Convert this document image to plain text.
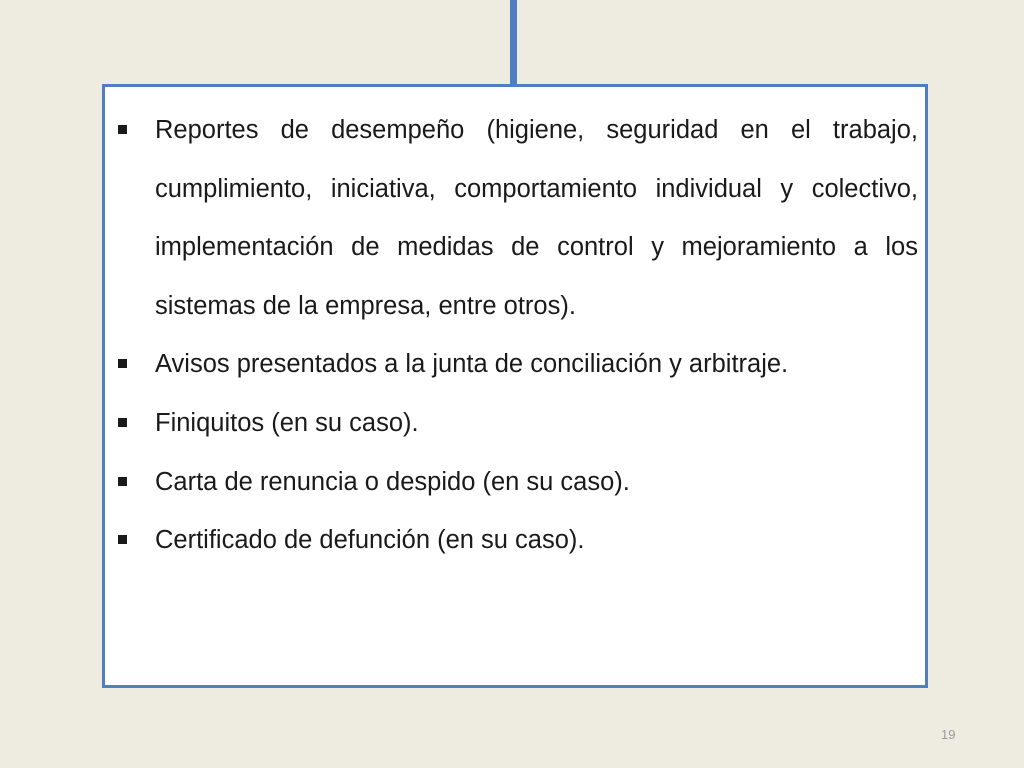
Reportes de desempeño (higiene, seguridad en el trabajo, cumplimiento, iniciativa, comportamiento individual y colectivo, implementación de medidas de control y mejoramiento a los sistemas de la empresa, entre otros).
Avisos presentados a la junta de conciliación y arbitraje.
Finiquitos (en su caso).
Carta de renuncia o despido (en su caso).
Certificado de defunción (en su caso).
19
